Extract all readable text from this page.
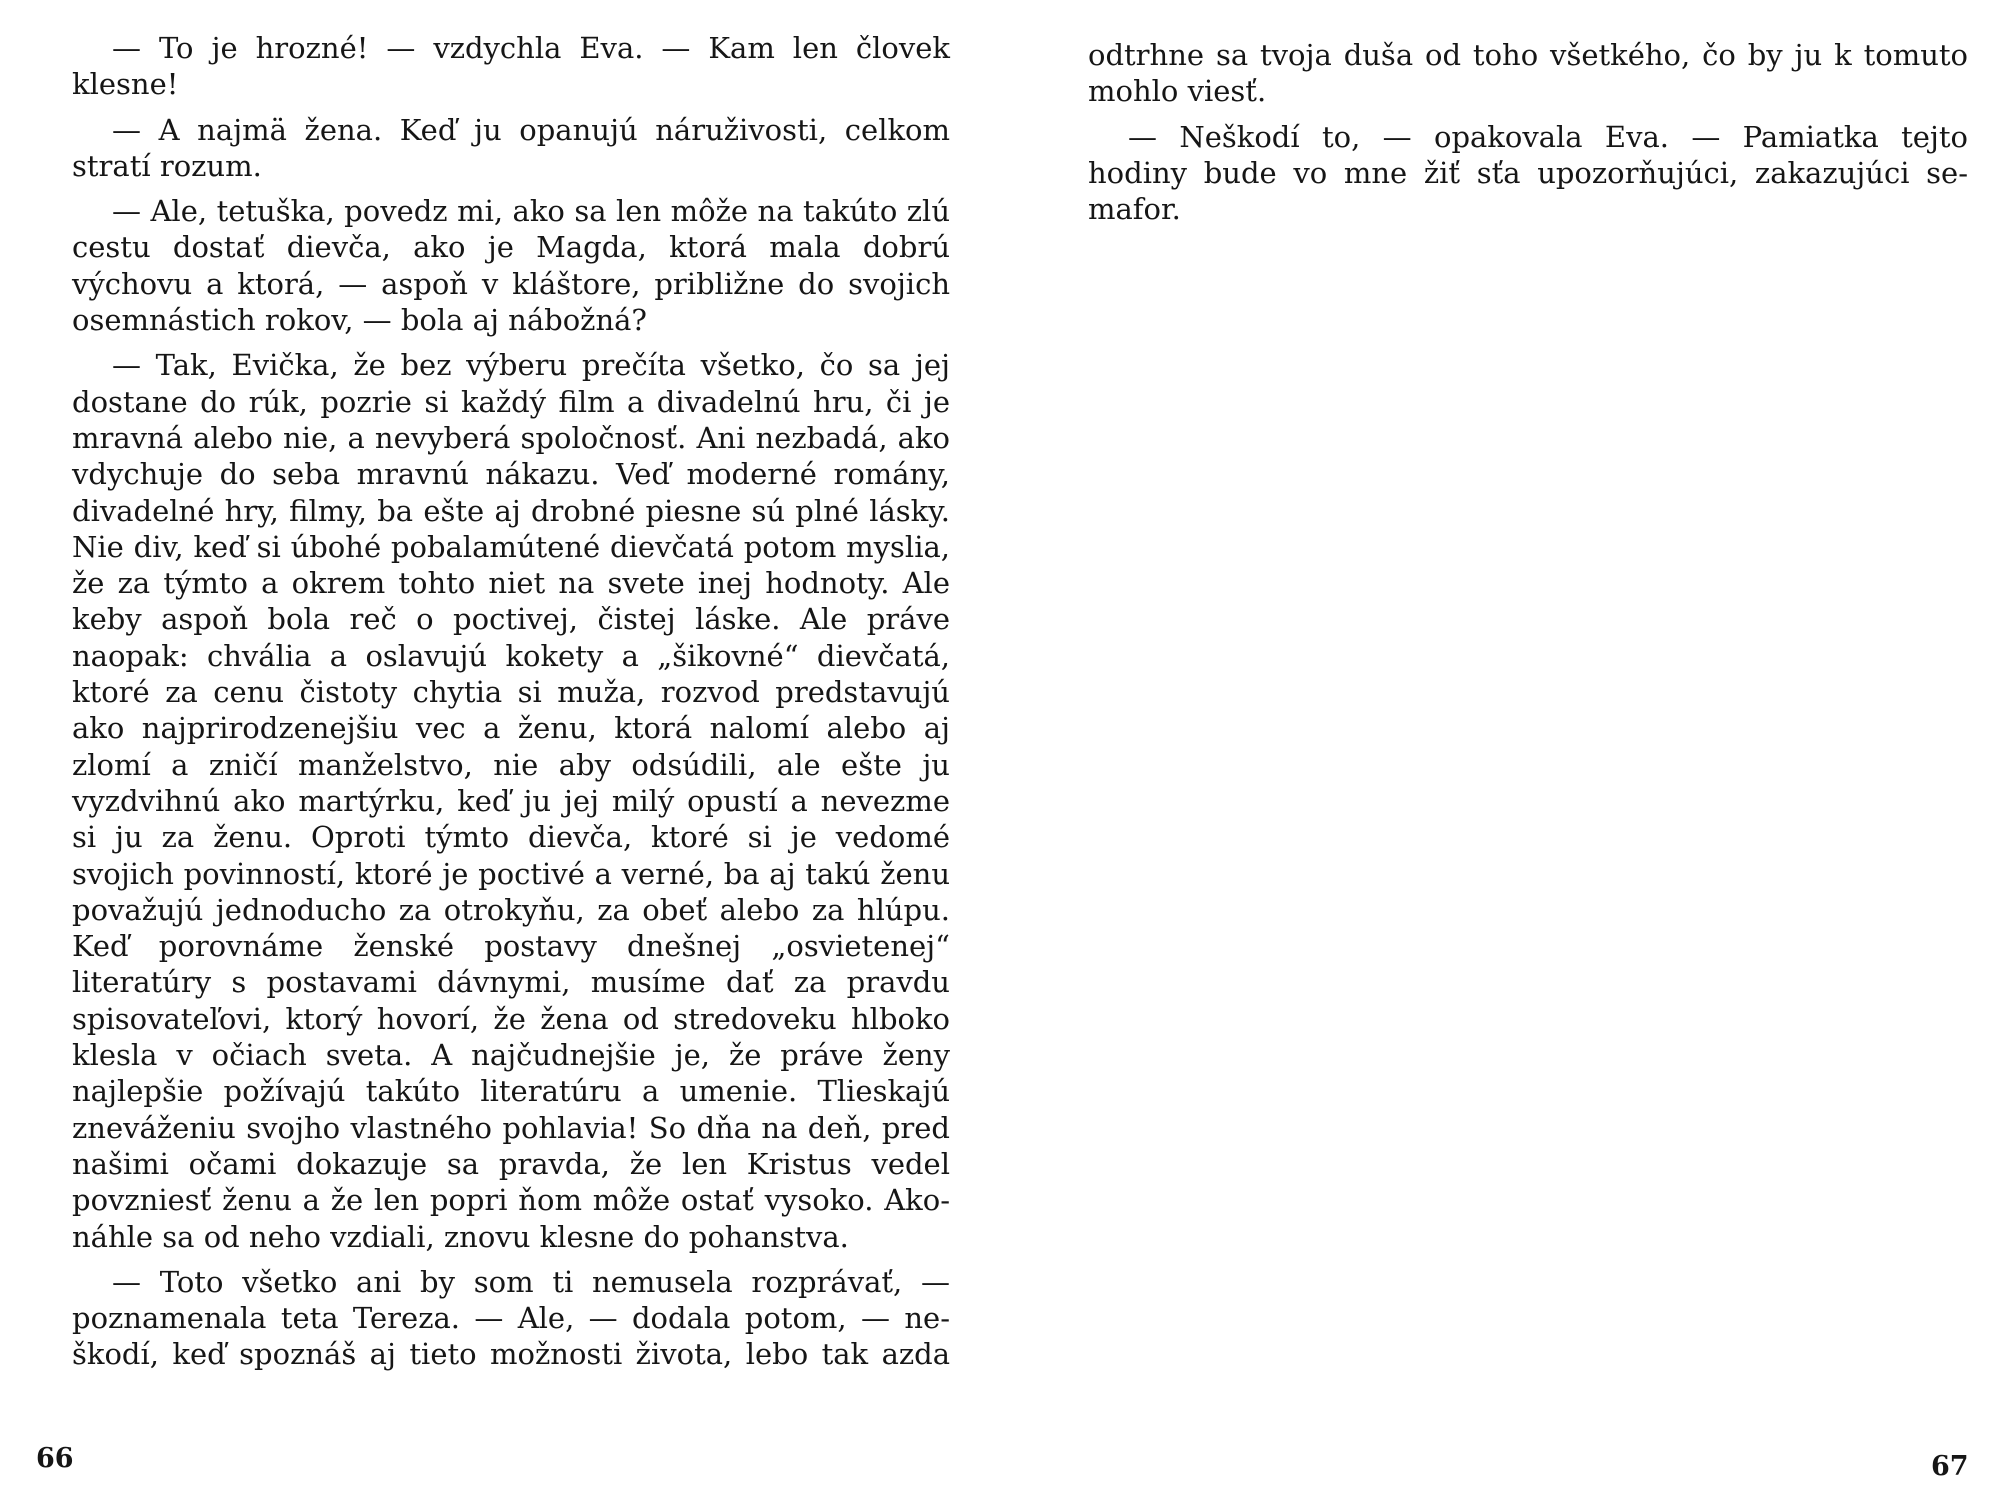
— To je hrozné! — vzdychla Eva. — Kam len človek klesne!

— A najmä žena. Keď ju opanujú náruživosti, celkom stratí rozum.

— Ale, tetuška, povedz mi, ako sa len môže na takúto zlú cestu dostať dievča, ako je Magda, ktorá mala dobrú výchovu a ktorá, — aspoň v kláštore, približne do svojich osemnástich rokov, — bola aj nábožná?

— Tak, Evička, že bez výberu prečíta všetko, čo sa jej dostane do rúk, pozrie si každý film a divadelnú hru, či je mravná alebo nie, a nevyberá spoločnosť. Ani nezbadá, ako vdychuje do seba mravnú nákazu. Veď moderné romány, divadelné hry, filmy, ba ešte aj drobné piesne sú plné lásky. Nie div, keď si úbohé pobalamútené dievčatá potom myslia, že za týmto a okrem tohto niet na svete inej hodnoty. Ale keby aspoň bola reč o poctivej, čistej láske. Ale práve naopak: chvália a oslavujú kokety a „šikovné“ dievčatá, ktoré za cenu čistoty chytia si muža, rozvod predstavujú ako najprirodzenejšiu vec a ženu, ktorá nalomí alebo aj zlomí a zničí manželstvo, nie aby odsúdili, ale ešte ju vyzdvihnú ako martýrku, keď ju jej milý opustí a nevezme si ju za ženu. Oproti týmto dievča, ktoré si je vedomé svojich povinností, ktoré je poctivé a verné, ba aj takú ženu považujú jednoducho za otrokyňu, za obeť alebo za hlúpu. Keď porovnáme ženské postavy dnešnej „osvietenej“ literatúry s postavami dávnymi, musíme dať za pravdu spisovateľovi, ktorý hovorí, že žena od stredoveku hlboko klesla v očiach sveta. A najčudnejšie je, že práve ženy najlepšie požívajú takúto literatúru a umenie. Tlieskajú zneváženiu svojho vlastného pohlavia! So dňa na deň, pred našimi očami dokazuje sa pravda, že len Kristus vedel povzniesť ženu a že len popri ňom môže ostať vysoko. Akonáhle sa od neho vzdiali, znovu klesne do pohanstva.

— Toto všetko ani by som ti nemusela rozprávať, — poznamenala teta Tereza. — Ale, — dodala potom, — neškodí, keď spoznáš aj tieto možnosti života, lebo tak azda

66

odtrhne sa tvoja duša od toho všetkého, čo by ju k tomuto mohlo viesť.

— Neškodí to, — opakovala Eva. — Pamiatka tejto hodiny bude vo mne žiť sťa upozorňujúci, zakazujúci semafor.

67
